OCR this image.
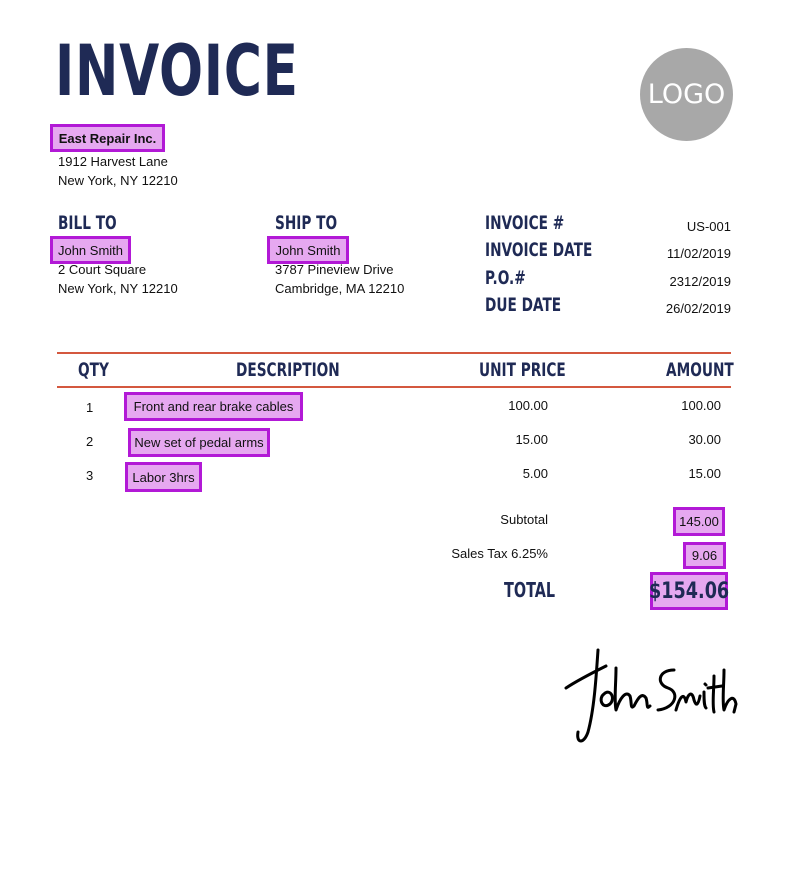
INVOICE	LOGO
East Repair Inc.
1912 Harvest Lane
New York, NY 12210
BILL TO
John Smith
2 Court Square
New York, NY 12210
SHIP TO
John Smith
3787 Pineview Drive
Cambridge, MA 12210
INVOICE #	US-001
INVOICE DATE	11/02/2019
P.O.#	2312/2019
DUE DATE	26/02/2019
QTY	DESCRIPTION	UNIT PRICE	AMOUNT
1	Front and rear brake cables	100.00	100.00
2	New set of pedal arms	15.00	30.00
3	Labor 3hrs	5.00	15.00
Subtotal	145.00
Sales Tax 6.25%	9.06
TOTAL	$154.06
